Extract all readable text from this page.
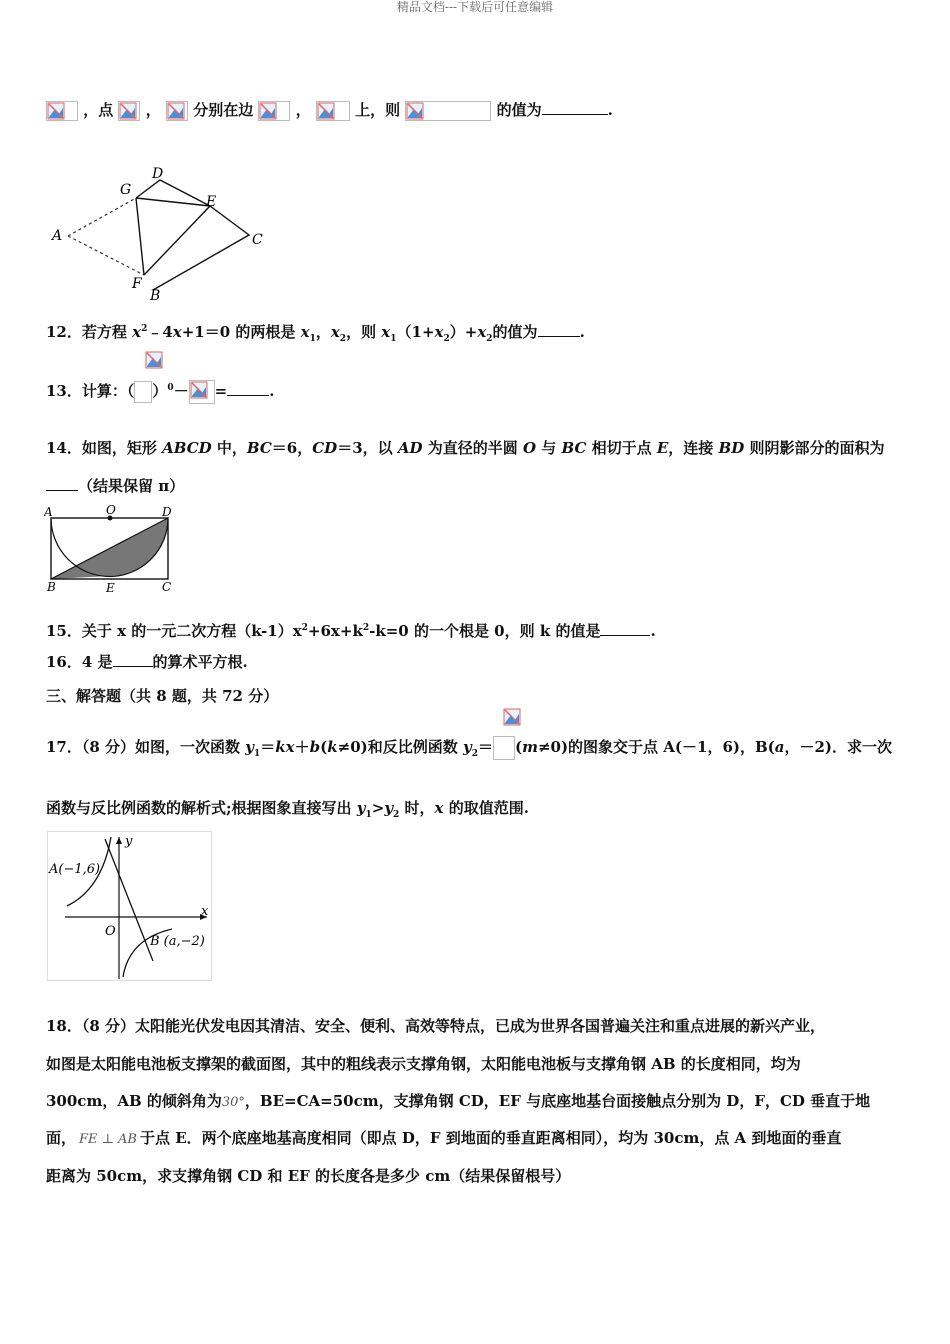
精品文档---下载后可任意编辑
，点 ， 分别在边	，	上，则	的值为	.
A
G
D
E
C
F
B
12．若方程 $x^2﹣4x+1=0$ 的两根是 $x_1$，$x_2$，则 $x_1(1+x_2)+x_2$的值为	.
13．计算：（ ）$^0$－ =	.
14．如图，矩形 ABCD 中，BC＝6，CD＝3，以 AD 为直径的半圆 O 与 BC 相切于点 E，连接 BD 则阴影部分的面积为
（结果保留 π）
A	O	D
B	E	C
15．关于 x 的一元二次方程$(k-1)x^2+6x+k^2-k=0$ 的一个根是 0，则 k 的值是	.
16．4 是	的算术平方根.
三、解答题（共 8 题，共 72 分）
17．（8 分）如图，一次函数 $y_1=kx+b(k\ne 0)$和反比例函数 $y_2= (m\ne 0)$的图象交于点 A(－1，6)，B(a，－2)．求一次
函数与反比例函数的解析式;根据图象直接写出 $y_1>y_2$ 时，x 的取值范围.
A(−1,6)
y
x
O
B (a,−2)
18．（8 分）太阳能光伏发电因其清洁、安全、便利、高效等特点，已成为世界各国普遍关注和重点进展的新兴产业，
如图是太阳能电池板支撑架的截面图，其中的粗线表示支撑角钢，太阳能电池板与支撑角钢 AB 的长度相同，均为
300cm，AB 的倾斜角为30°，BE=CA=50cm，支撑角钢 CD，EF 与底座地基台面接触点分别为 D，F，CD 垂直于地
面， FE ⊥ AB 于点 E．两个底座地基高度相同（即点 D，F 到地面的垂直距离相同），均为 30cm，点 A 到地面的垂直
距离为 50cm，求支撑角钢 CD 和 EF 的长度各是多少 cm（结果保留根号）
